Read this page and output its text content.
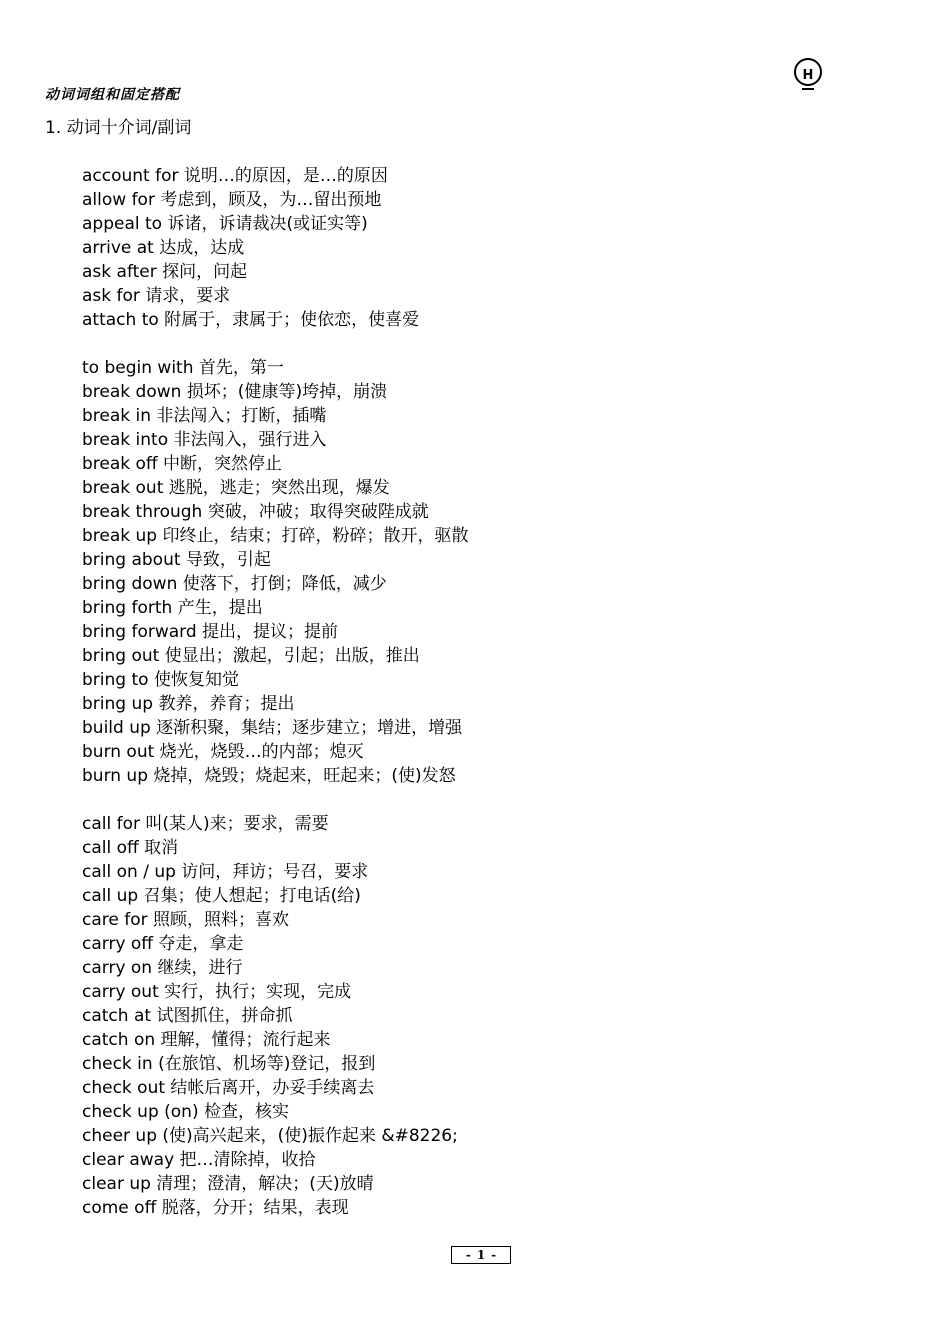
H
动词词组和固定搭配
1. 动词十介词/副词
account for 说明…的原因，是…的原因
allow for 考虑到，顾及，为…留出预地
appeal to 诉诸，诉请裁决(或证实等)
arrive at 达成，达成
ask after 探问，问起
ask for 请求，要求
attach to 附属于，隶属于；使依恋，使喜爱
to begin with 首先，第一
break down 损坏；(健康等)垮掉，崩溃
break in 非法闯入；打断，插嘴
break into 非法闯入，强行进入
break off 中断，突然停止
break out 逃脱，逃走；突然出现，爆发
break through 突破，冲破；取得突破陛成就
break up 印终止，结束；打碎，粉碎；散开，驱散
bring about 导致，引起
bring down 使落下，打倒；降低，减少
bring forth 产生，提出
bring forward 提出，提议；提前
bring out 使显出；激起，引起；出版，推出
bring to 使恢复知觉
bring up 教养，养育；提出
build up 逐渐积聚，集结；逐步建立；增进，增强
burn out 烧光，烧毁…的内部；熄灭
burn up 烧掉，烧毁；烧起来，旺起来；(使)发怒
call for 叫(某人)来；要求，需要
call off 取消
call on / up 访问，拜访；号召，要求
call up 召集；使人想起；打电话(给)
care for 照顾，照料；喜欢
carry off 夺走，拿走
carry on 继续，进行
carry out 实行，执行；实现，完成
catch at 试图抓住，拼命抓
catch on 理解，懂得；流行起来
check in (在旅馆、机场等)登记，报到
check out 结帐后离开，办妥手续离去
check up (on) 检查，核实
cheer up (使)高兴起来，(使)振作起来 &#8226;
clear away 把…清除掉，收拾
clear up 清理；澄清，解决；(天)放晴
come off 脱落，分开；结果，表现
- 1 -
